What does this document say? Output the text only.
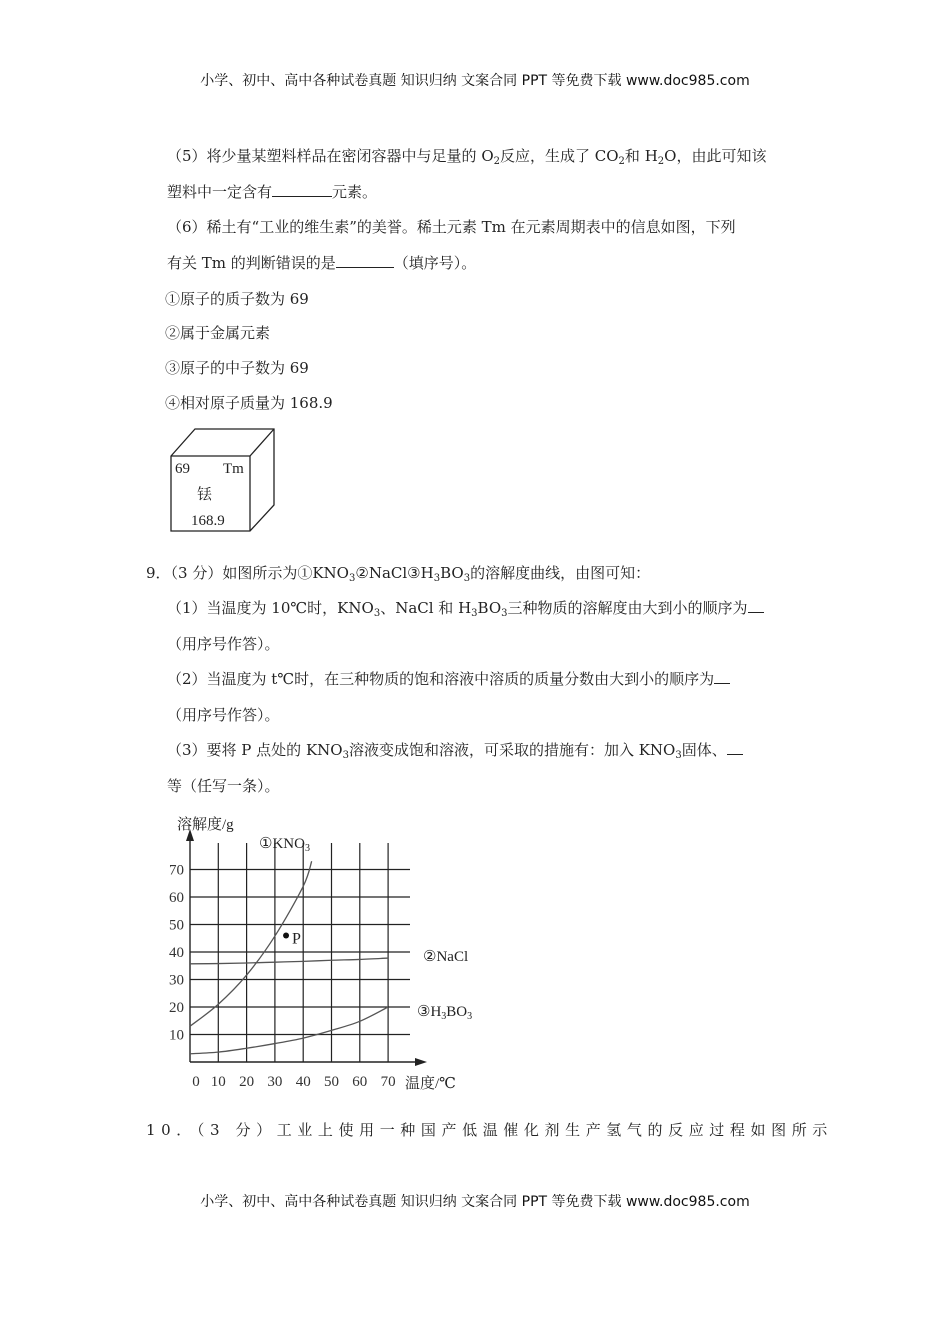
小学、初中、高中各种试卷真题 知识归纳 文案合同 PPT 等免费下载 www.doc985.com
（5）将少量某塑料样品在密闭容器中与足量的 $O_2$反应，生成了 $CO_2$和 $H_2O$，由此可知该
塑料中一定含有	元素。
（6）稀土有“工业的维生素”的美誉。稀土元素 Tm 在元素周期表中的信息如图，下列
有关 Tm 的判断错误的是	（填序号）。
①原子的质子数为 69
②属于金属元素
③原子的中子数为 69
④相对原子质量为 168.9
69 Tm
铥
168.9
9．（3 分）如图所示为$①KNO_3②NaCl③H_3BO_3$的溶解度曲线，由图可知：
（1）当温度为 10℃时，$KNO_3$、NaCl 和 $H_3BO_3$三种物质的溶解度由大到小的顺序为
（用序号作答）。
（2）当温度为 t℃时，在三种物质的饱和溶液中溶质的质量分数由大到小的顺序为
（用序号作答）。
（3）要将 P 点处的 $KNO_3$溶液变成饱和溶液，可采取的措施有：加入 $KNO_3$固体、
等（任写一条）。
10
20
30
40
50
60
70
0 10 20 30 40 50 60 70
$①KNO_3$
②NaCl
$③H_3BO_3$
P
溶解度/g
温度/℃
10．（3 分）工业上使用一种国产低温催化剂生产氢气的反应过程如图所示
小学、初中、高中各种试卷真题 知识归纳 文案合同 PPT 等免费下载 www.doc985.com
